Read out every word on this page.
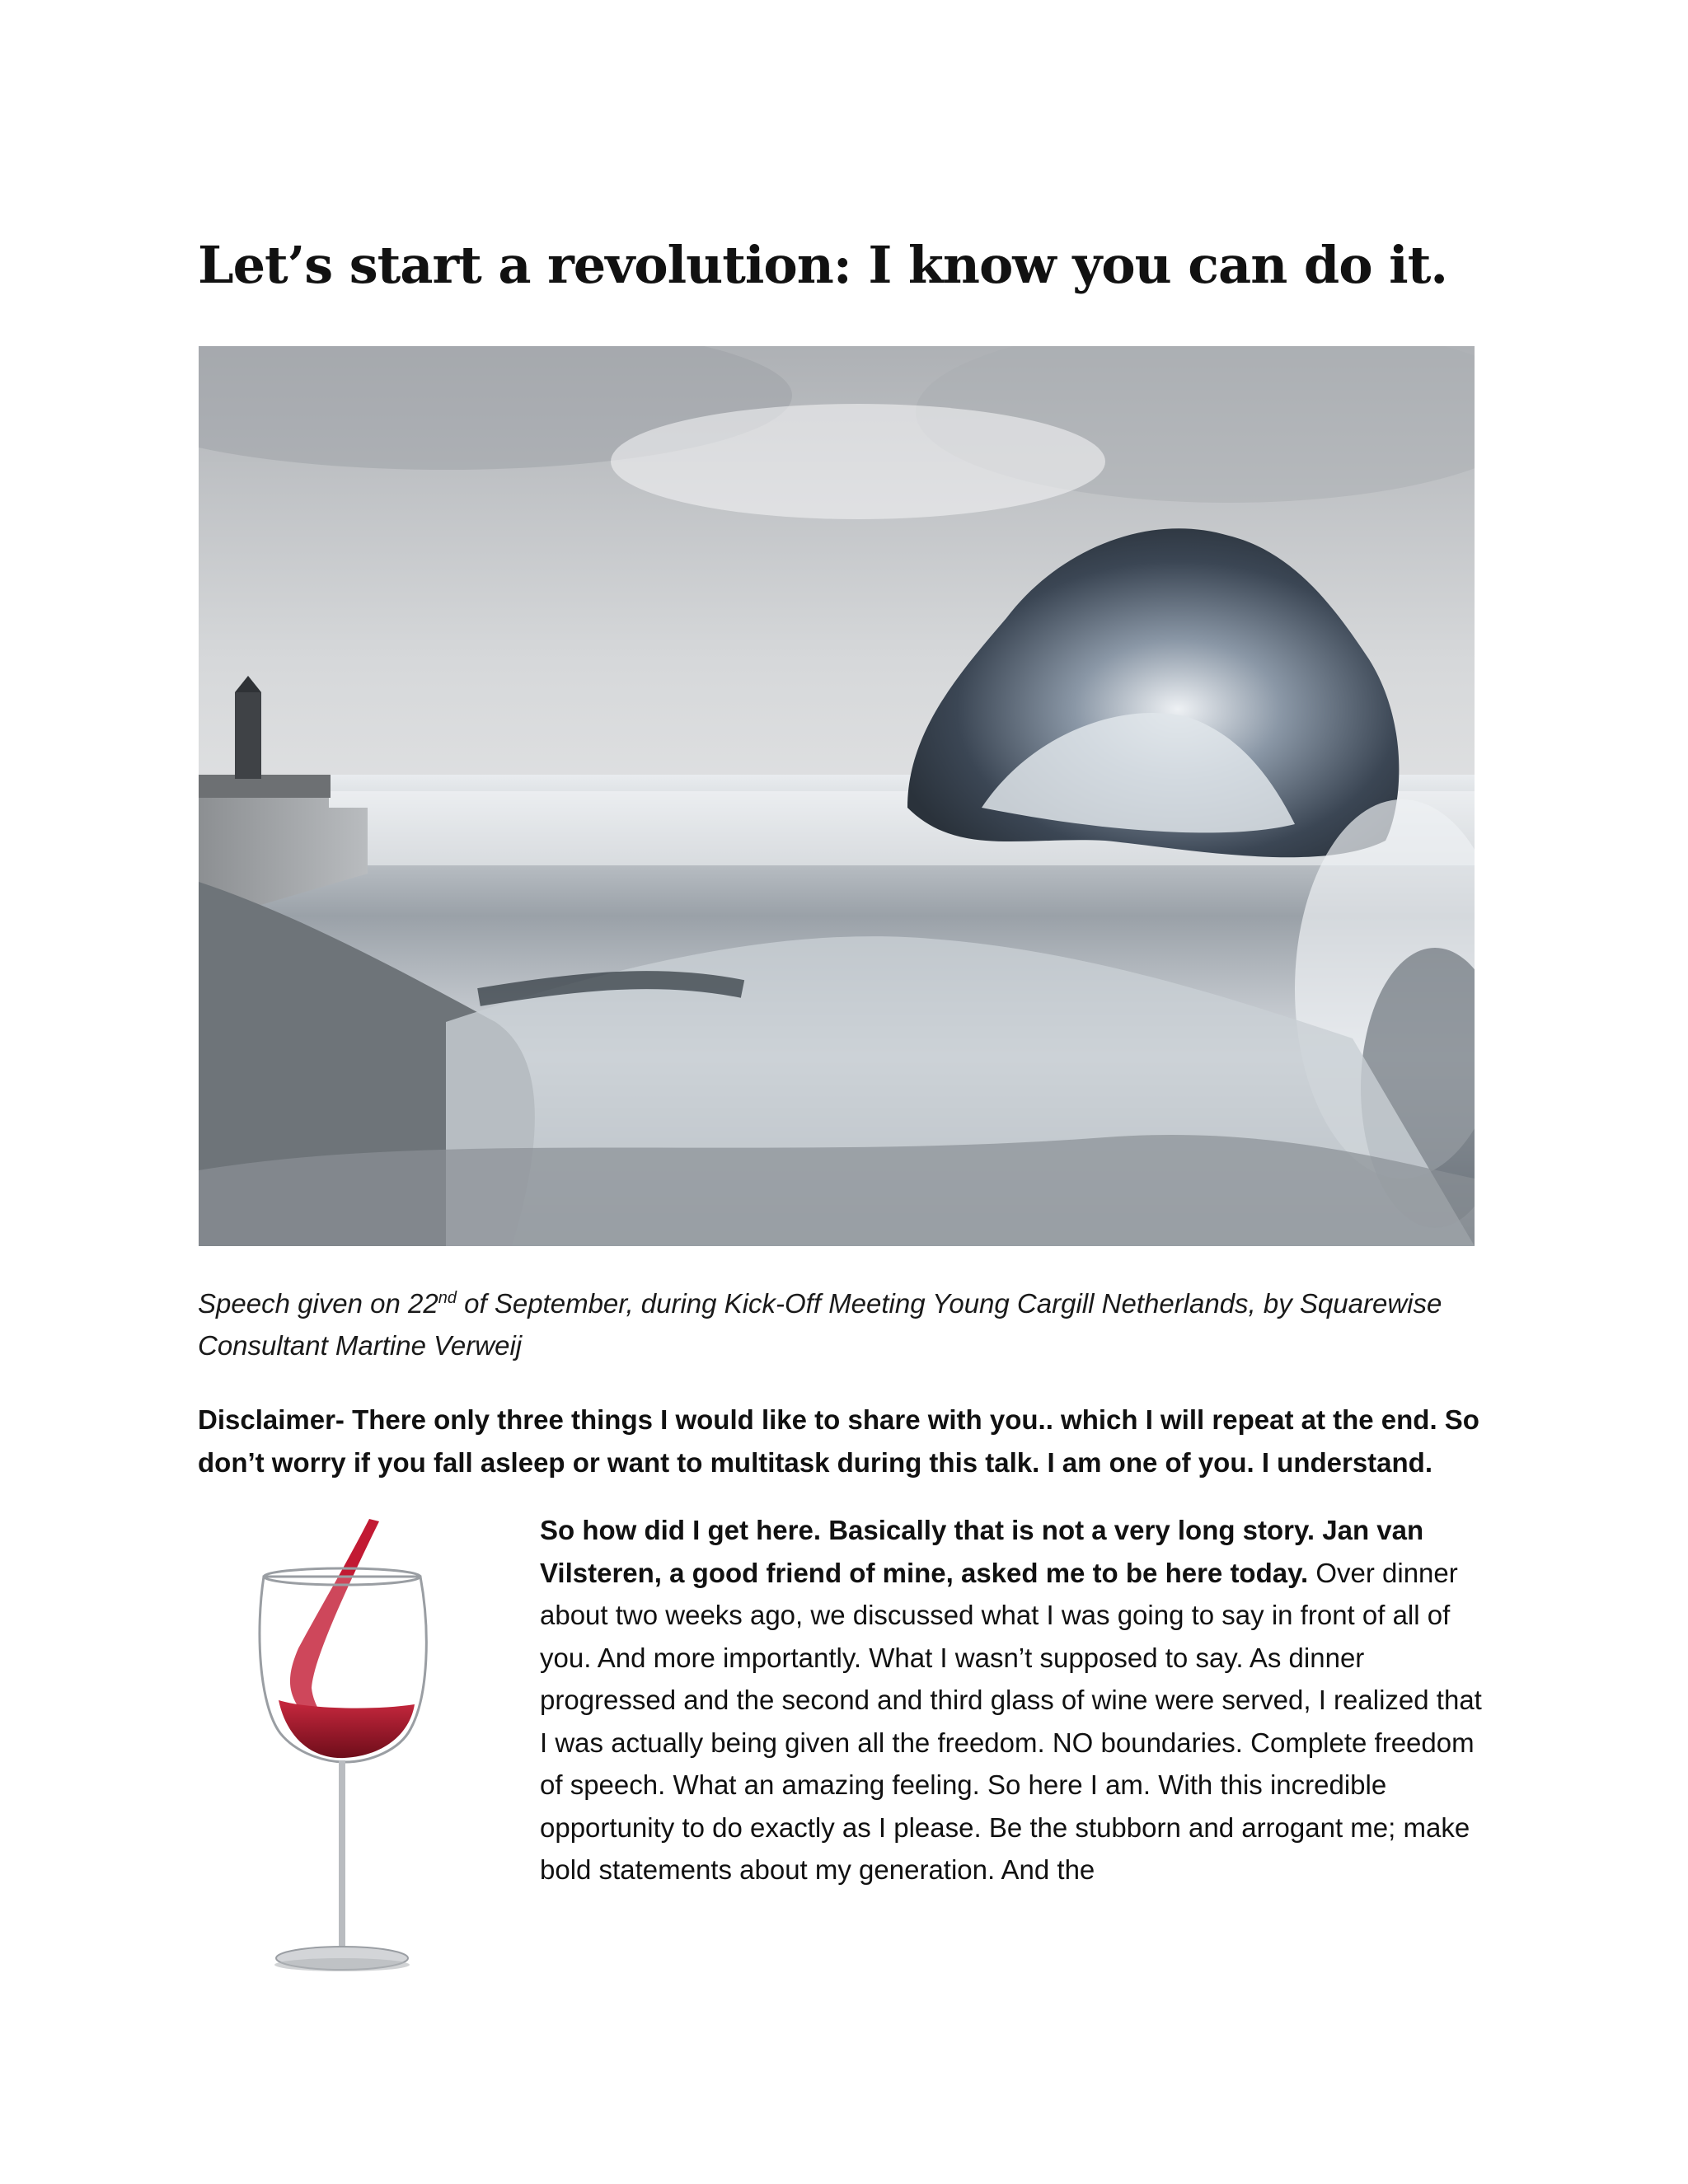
Let’s start a revolution: I know you can do it.

Speech given on 22nd of September, during Kick-Off Meeting Young Cargill Netherlands, by Squarewise Consultant Martine Verweij

Disclaimer- There only three things I would like to share with you.. which I will repeat at the end. So don’t worry if you fall asleep or want to multitask during this talk. I am one of you. I understand.

So how did I get here. Basically that is not a very long story. Jan van Vilsteren, a good friend of mine, asked me to be here today. Over dinner about two weeks ago, we discussed what I was going to say in front of all of you. And more importantly. What I wasn’t supposed to say. As dinner progressed and the second and third glass of wine were served, I realized that I was actually being given all the freedom. NO boundaries. Complete freedom of speech. What an amazing feeling. So here I am. With this incredible opportunity to do exactly as I please. Be the stubborn and arrogant me; make bold statements about my generation. And the
